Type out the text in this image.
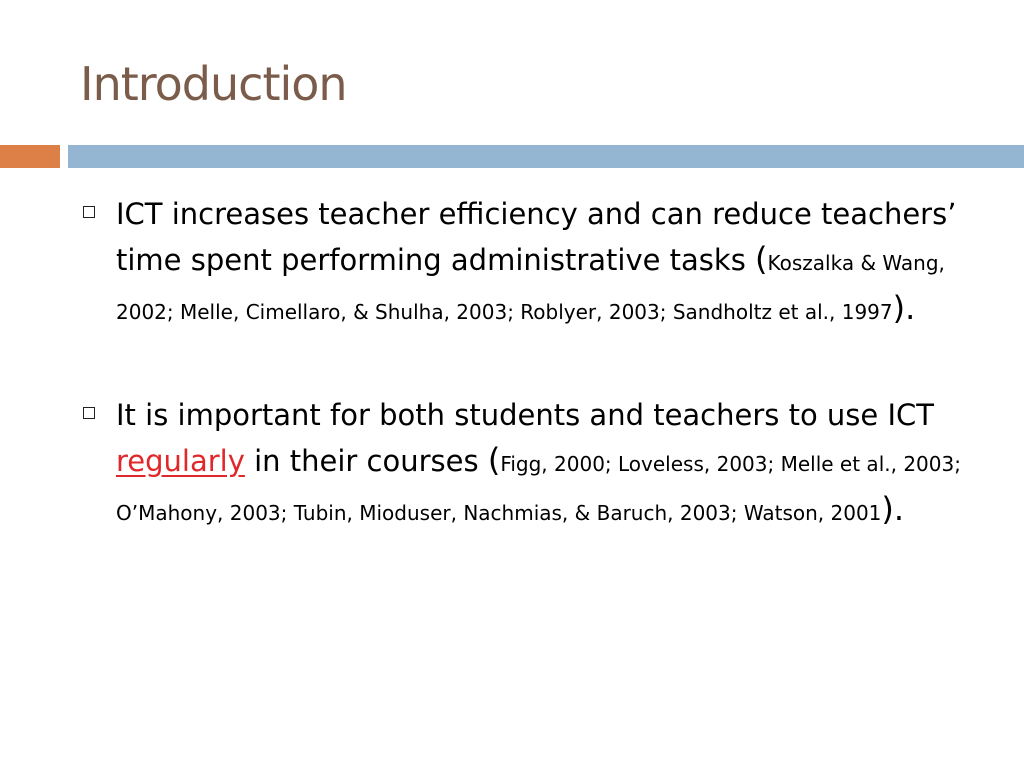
Introduction
ICT increases teacher efficiency and can reduce teachers’ time spent performing administrative tasks (Koszalka & Wang, 2002; Melle, Cimellaro, & Shulha, 2003; Roblyer, 2003; Sandholtz et al., 1997).
It is important for both students and teachers to use ICT regularly in their courses (Figg, 2000; Loveless, 2003; Melle et al., 2003; O’Mahony, 2003; Tubin, Mioduser, Nachmias, & Baruch, 2003; Watson, 2001).
